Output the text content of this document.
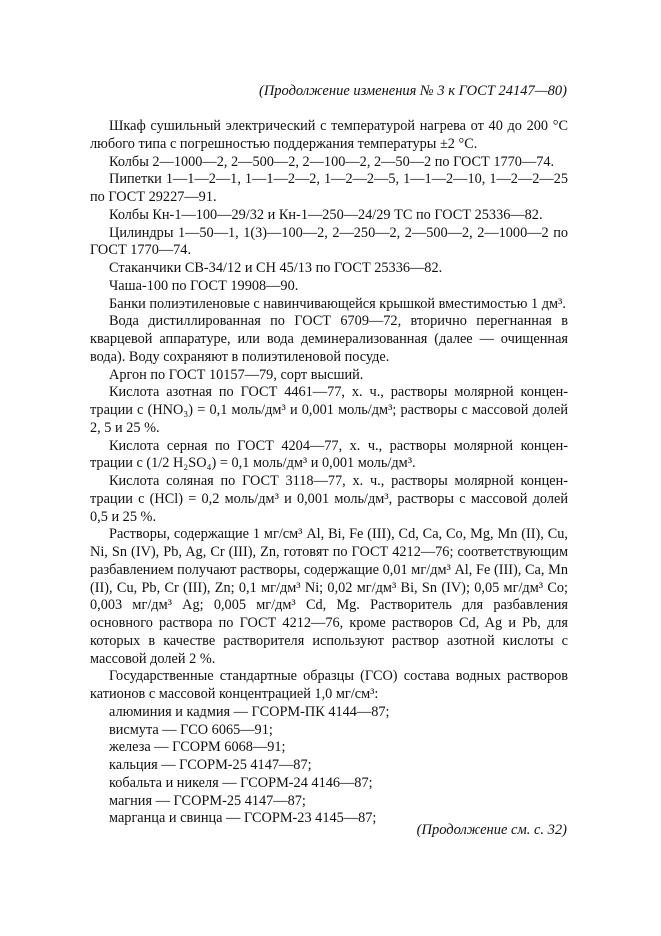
(Продолжение изменения № 3 к ГОСТ 24147—80)

Шкаф сушильный электрический с температурой нагрева от 40 до 200 °С любого типа с погрешностью поддержания температуры ±2 °С.

Колбы 2—1000—2, 2—500—2, 2—100—2, 2—50—2 по ГОСТ 1770—74.

Пипетки 1—1—2—1, 1—1—2—2, 1—2—2—5, 1—1—2—10, 1—2—2—25 по ГОСТ 29227—91.

Колбы Кн-1—100—29/32 и Кн-1—250—24/29 ТС по ГОСТ 25336—82.

Цилиндры 1—50—1, 1(3)—100—2, 2—250—2, 2—500—2, 2—1000—2 по ГОСТ 1770—74.

Стаканчики СВ-34/12 и СН 45/13 по ГОСТ 25336—82.

Чаша-100 по ГОСТ 19908—90.

Банки полиэтиленовые с навинчивающейся крышкой вместимостью 1 дм³.

Вода дистиллированная по ГОСТ 6709—72, вторично перегнанная в кварцевой аппаратуре, или вода деминерализованная (далее — очищенная вода). Воду сохраняют в полиэтиленовой посуде.

Аргон по ГОСТ 10157—79, сорт высший.

Кислота азотная по ГОСТ 4461—77, х. ч., растворы молярной концентрации c (HNO₃) = 0,1 моль/дм³ и 0,001 моль/дм³; растворы с массовой долей 2, 5 и 25 %.

Кислота серная по ГОСТ 4204—77, х. ч., растворы молярной концентрации c (1/2 H₂SO₄) = 0,1 моль/дм³ и 0,001 моль/дм³.

Кислота соляная по ГОСТ 3118—77, х. ч., растворы молярной концентрации c (HCl) = 0,2 моль/дм³ и 0,001 моль/дм³, растворы с массовой долей 0,5 и 25 %.

Растворы, содержащие 1 мг/см³ Al, Bi, Fe (III), Cd, Ca, Co, Mg, Mn (II), Cu, Ni, Sn (IV), Pb, Ag, Cr (III), Zn, готовят по ГОСТ 4212—76; соответствующим разбавлением получают растворы, содержащие 0,01 мг/дм³ Al, Fe (III), Ca, Mn (II), Cu, Pb, Cr (III), Zn; 0,1 мг/дм³ Ni; 0,02 мг/дм³ Bi, Sn (IV); 0,05 мг/дм³ Co; 0,003 мг/дм³ Ag; 0,005 мг/дм³ Cd, Mg. Растворитель для разбавления основного раствора по ГОСТ 4212—76, кроме растворов Cd, Ag и Pb, для которых в качестве растворителя используют раствор азотной кислоты с массовой долей 2 %.

Государственные стандартные образцы (ГСО) состава водных растворов катионов с массовой концентрацией 1,0 мг/см³:

алюминия и кадмия — ГСОРМ-ПК 4144—87;
висмута — ГСО 6065—91;
железа — ГСОРМ 6068—91;
кальция — ГСОРМ-25 4147—87;
кобальта и никеля — ГСОРМ-24 4146—87;
магния — ГСОРМ-25 4147—87;
марганца и свинца — ГСОРМ-23 4145—87;
(Продолжение см. с. 32)
